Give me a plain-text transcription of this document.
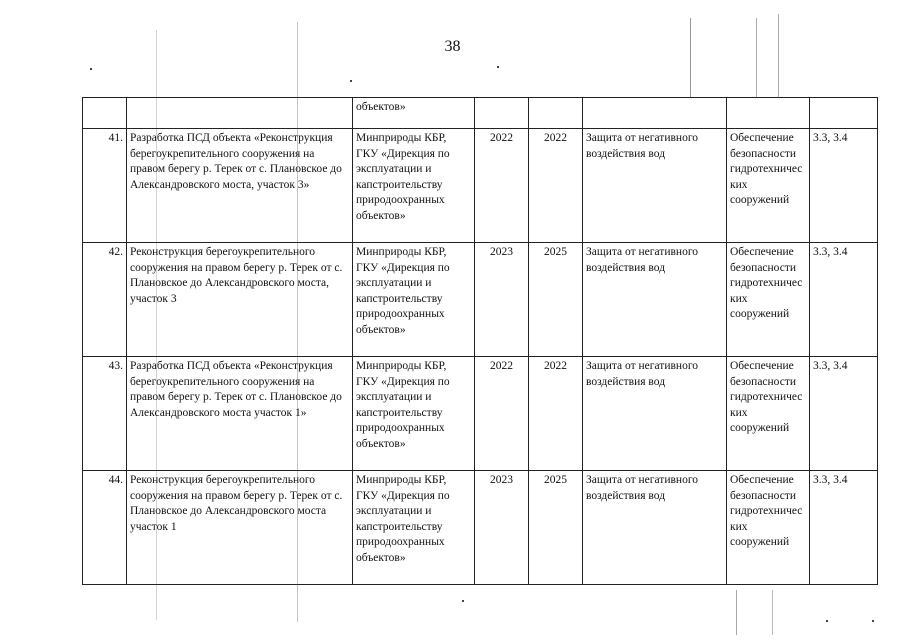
38
		объектов»					
41.	Разработка ПСД объекта «Реконструкция берегоукрепительного сооружения на правом берегу р. Терек от с. Плановское до Александровского моста, участок 3»	Минприроды КБР, ГКУ «Дирекция по эксплуатации и капстроительству природоохранных объектов»	2022	2022	Защита от негативного воздействия вод	Обеспечение безопасности гидротехничес ких сооружений	3.3, 3.4
42.	Реконструкция берегоукрепительного сооружения на правом берегу р. Терек от с. Плановское до Александровского моста, участок 3	Минприроды КБР, ГКУ «Дирекция по эксплуатации и капстроительству природоохранных объектов»	2023	2025	Защита от негативного воздействия вод	Обеспечение безопасности гидротехничес ких сооружений	3.3, 3.4
43.	Разработка ПСД объекта «Реконструкция берегоукрепительного сооружения на правом берегу р. Терек от с. Плановское до Александровского моста участок 1»	Минприроды КБР, ГКУ «Дирекция по эксплуатации и капстроительству природоохранных объектов»	2022	2022	Защита от негативного воздействия вод	Обеспечение безопасности гидротехничес ких сооружений	3.3, 3.4
44.	Реконструкция берегоукрепительного сооружения на правом берегу р. Терек от с. Плановское до Александровского моста участок 1	Минприроды КБР, ГКУ «Дирекция по эксплуатации и капстроительству природоохранных объектов»	2023	2025	Защита от негативного воздействия вод	Обеспечение безопасности гидротехничес ких сооружений	3.3, 3.4
